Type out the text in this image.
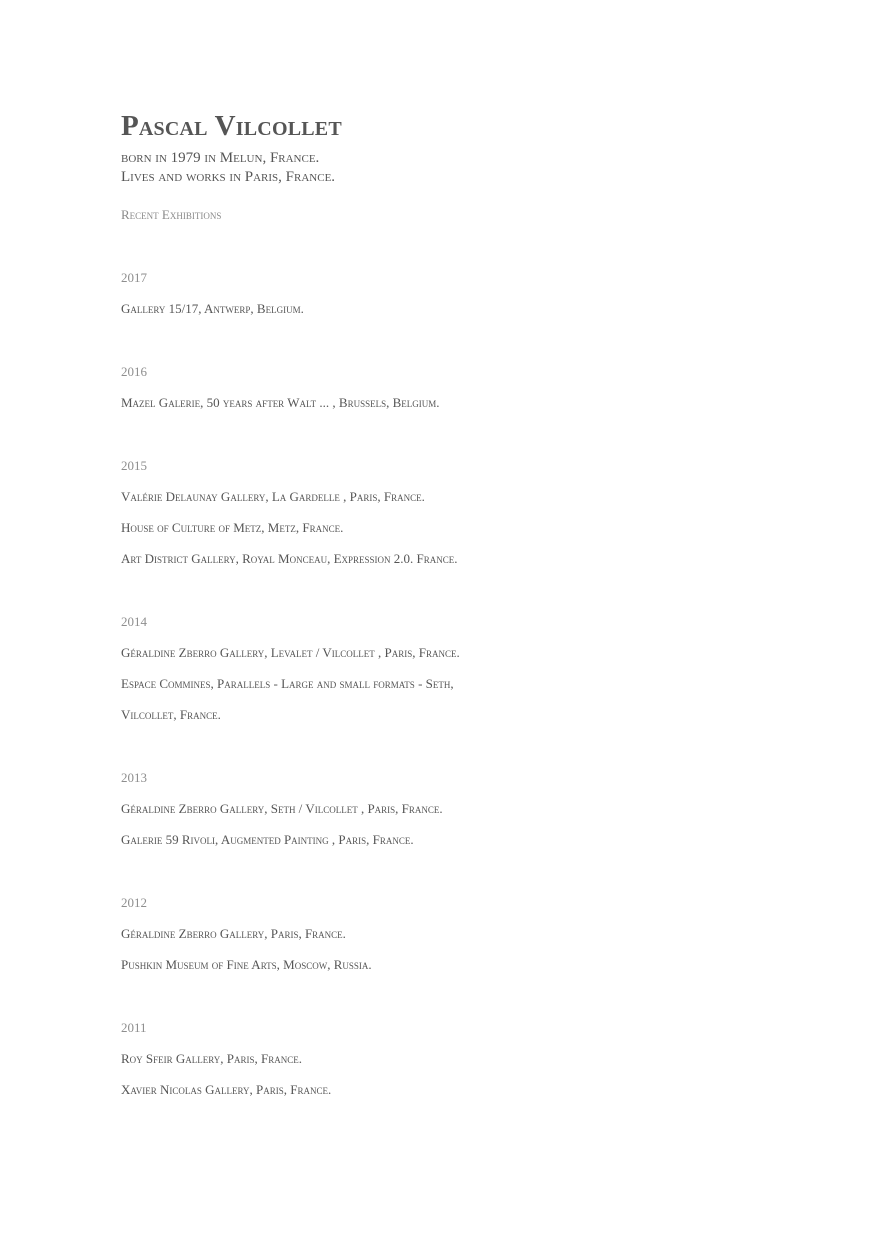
Pascal Vilcollet

born in 1979 in Melun, France.

Lives and works in Paris, France.

Recent Exhibitions

2017

Gallery 15/17, Antwerp, Belgium.

2016

Mazel Galerie, 50 years after Walt ... , Brussels, Belgium.

2015

Valérie Delaunay Gallery, La Gardelle , Paris, France.

House of Culture of Metz, Metz, France.

Art District Gallery, Royal Monceau, Expression 2.0. France.

2014

Géraldine Zberro Gallery, Levalet / Vilcollet , Paris, France.

Espace Commines, Parallels - Large and small formats - Seth,

Vilcollet, France.

2013

Géraldine Zberro Gallery, Seth / Vilcollet , Paris, France.

Galerie 59 Rivoli, Augmented Painting , Paris, France.

2012

Géraldine Zberro Gallery, Paris, France.

Pushkin Museum of Fine Arts, Moscow, Russia.

2011

Roy Sfeir Gallery, Paris, France.

Xavier Nicolas Gallery, Paris, France.
